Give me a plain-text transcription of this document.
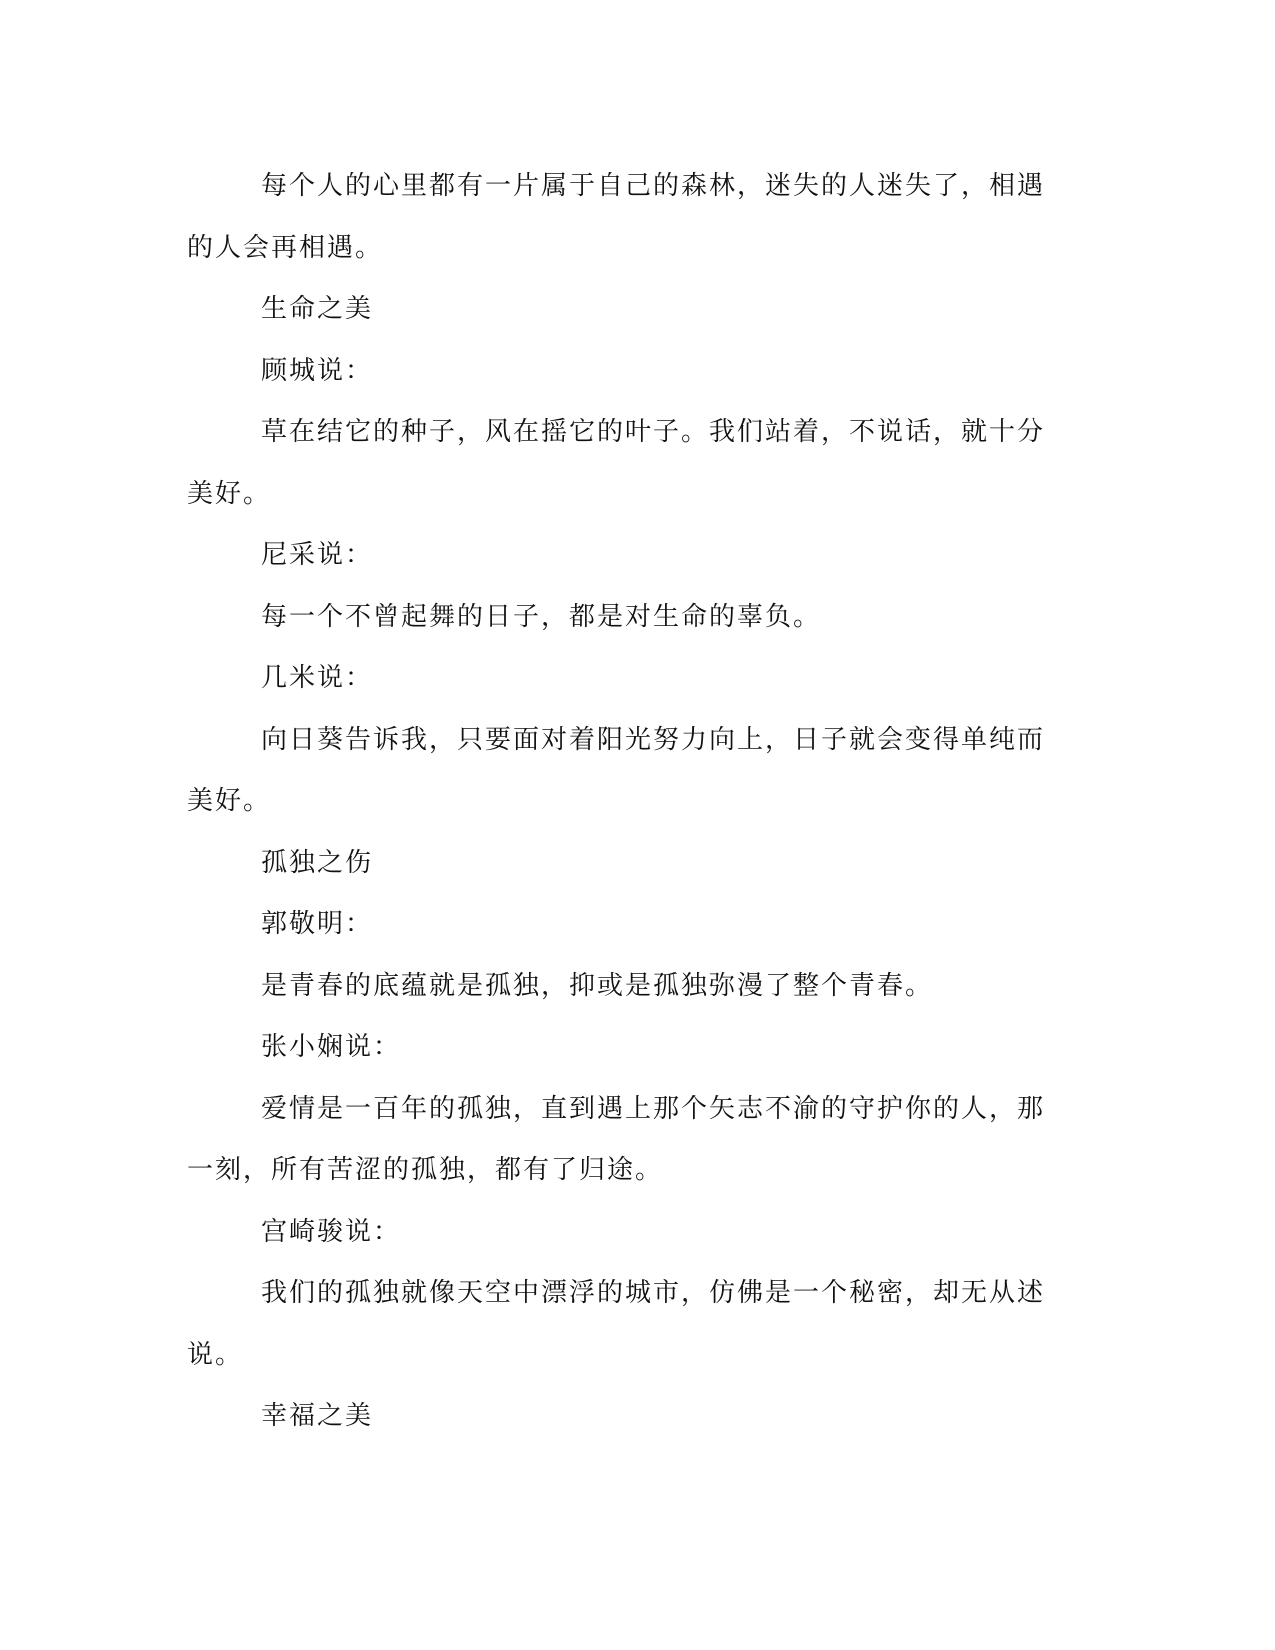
每个人的心里都有一片属于自己的森林，迷失的人迷失了，相遇的人会再相遇。

生命之美

顾城说：

草在结它的种子，风在摇它的叶子。我们站着，不说话，就十分美好。

尼采说：

每一个不曾起舞的日子，都是对生命的辜负。

几米说：

向日葵告诉我，只要面对着阳光努力向上，日子就会变得单纯而美好。

孤独之伤

郭敬明：

是青春的底蕴就是孤独，抑或是孤独弥漫了整个青春。

张小娴说：

爱情是一百年的孤独，直到遇上那个矢志不渝的守护你的人，那一刻，所有苦涩的孤独，都有了归途。

宫崎骏说：

我们的孤独就像天空中漂浮的城市，仿佛是一个秘密，却无从述说。

幸福之美
